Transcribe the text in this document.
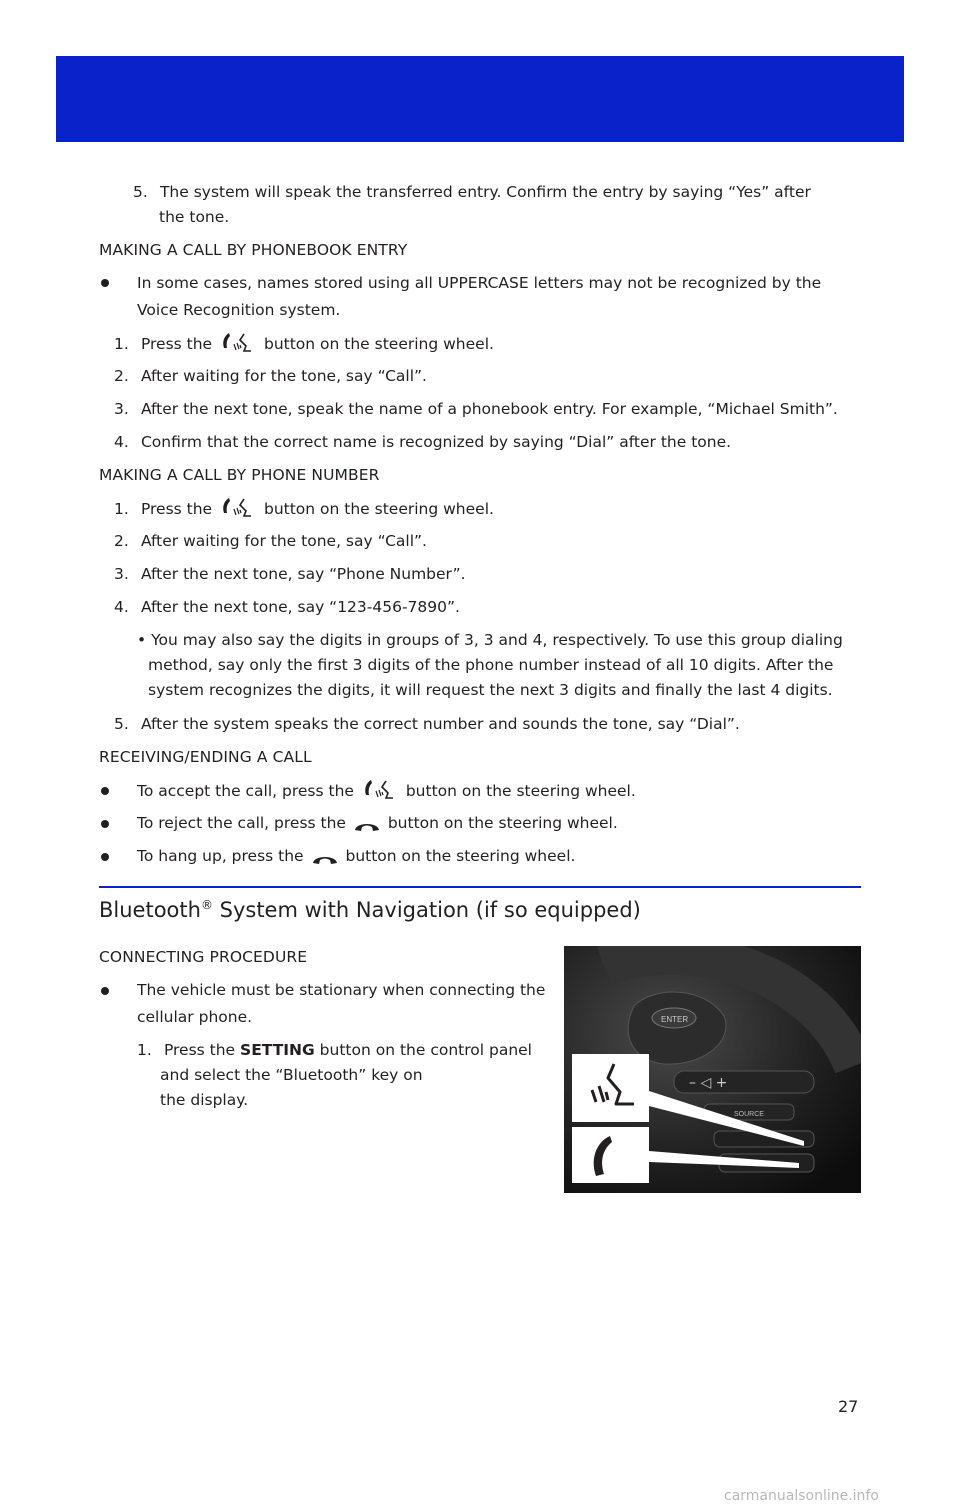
5. The system will speak the transferred entry. Confirm the entry by saying “Yes” after
the tone.
MAKING A CALL BY PHONEBOOK ENTRY
In some cases, names stored using all UPPERCASE letters may not be recognized by the
Voice Recognition system.
1. Press the	button on the steering wheel.
2. After waiting for the tone, say “Call”.
3. After the next tone, speak the name of a phonebook entry. For example, “Michael Smith”.
4. Confirm that the correct name is recognized by saying “Dial” after the tone.
MAKING A CALL BY PHONE NUMBER
1. Press the	button on the steering wheel.
2. After waiting for the tone, say “Call”.
3. After the next tone, say “Phone Number”.
4. After the next tone, say “123-456-7890”.
• You may also say the digits in groups of 3, 3 and 4, respectively. To use this group dialing
method, say only the first 3 digits of the phone number instead of all 10 digits. After the
system recognizes the digits, it will request the next 3 digits and finally the last 4 digits.
5. After the system speaks the correct number and sounds the tone, say “Dial”.
RECEIVING/ENDING A CALL
To accept the call, press the	button on the steering wheel.
To reject the call, press the	button on the steering wheel.
To hang up, press the	button on the steering wheel.
Bluetooth® System with Navigation (if so equipped)
CONNECTING PROCEDURE
The vehicle must be stationary when connecting the
cellular phone.
1. Press the SETTING button on the control panel
and select the “Bluetooth” key on
the display.
ENTER
– ◁ +
SOURCE
27
carmanualsonline.info
